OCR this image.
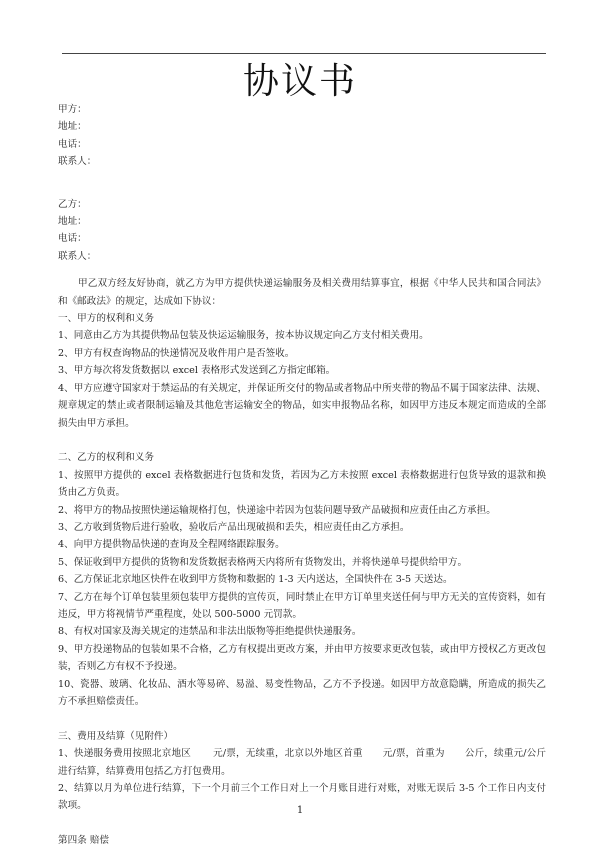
协议书
甲方：
地址：
电话：
联系人：
乙方：
地址：
电话：
联系人：
甲乙双方经友好协商，就乙方为甲方提供快递运输服务及相关费用结算事宜，根据《中华人民共和国合同法》和《邮政法》的规定，达成如下协议：
一、甲方的权利和义务
1、同意由乙方为其提供物品包装及快运运输服务，按本协议规定向乙方支付相关费用。
2、甲方有权查询物品的快递情况及收件用户是否签收。
3、甲方每次将发货数据以 excel 表格形式发送到乙方指定邮箱。
4、甲方应遵守国家对于禁运品的有关规定，并保证所交付的物品或者物品中所夹带的物品不属于国家法律、法规、规章规定的禁止或者限制运输及其他危害运输安全的物品，如实申报物品名称，如因甲方违反本规定而造成的全部损失由甲方承担。
二、乙方的权利和义务
1、按照甲方提供的 excel 表格数据进行包货和发货，若因为乙方未按照 excel 表格数据进行包货导致的退款和换货由乙方负责。
2、将甲方的物品按照快递运输规格打包，快递途中若因为包装问题导致产品破损和应责任由乙方承担。
3、乙方收到货物后进行验收，验收后产品出现破损和丢失，相应责任由乙方承担。
4、向甲方提供物品快递的查询及全程网络跟踪服务。
5、保证收到甲方提供的货物和发货数据表格两天内将所有货物发出，并将快递单号提供给甲方。
6、乙方保证北京地区快件在收到甲方货物和数据的 1-3 天内送达，全国快件在 3-5 天送达。
7、乙方在每个订单包装里须包装甲方提供的宣传页，同时禁止在甲方订单里夹送任何与甲方无关的宣传资料，如有违反，甲方将视情节严重程度，处以 500-5000 元罚款。
8、有权对国家及海关规定的违禁品和非法出版物等拒绝提供快递服务。
9、甲方投递物品的包装如果不合格，乙方有权提出更改方案，并由甲方按要求更改包装，或由甲方授权乙方更改包装，否则乙方有权不予投递。
10、瓷器、玻璃、化妆品、酒水等易碎、易溢、易变性物品，乙方不予投递。如因甲方故意隐瞒，所造成的损失乙方不承担赔偿责任。
三、费用及结算（见附件）
1、快递服务费用按照北京地区 元/票，无续重，北京以外地区首重 元/票，首重为 公斤，续重元/公斤进行结算，结算费用包括乙方打包费用。
2、结算以月为单位进行结算，下一个月前三个工作日对上一个月账目进行对账，对账无误后 3-5 个工作日内支付款项。
第四条 赔偿
1
